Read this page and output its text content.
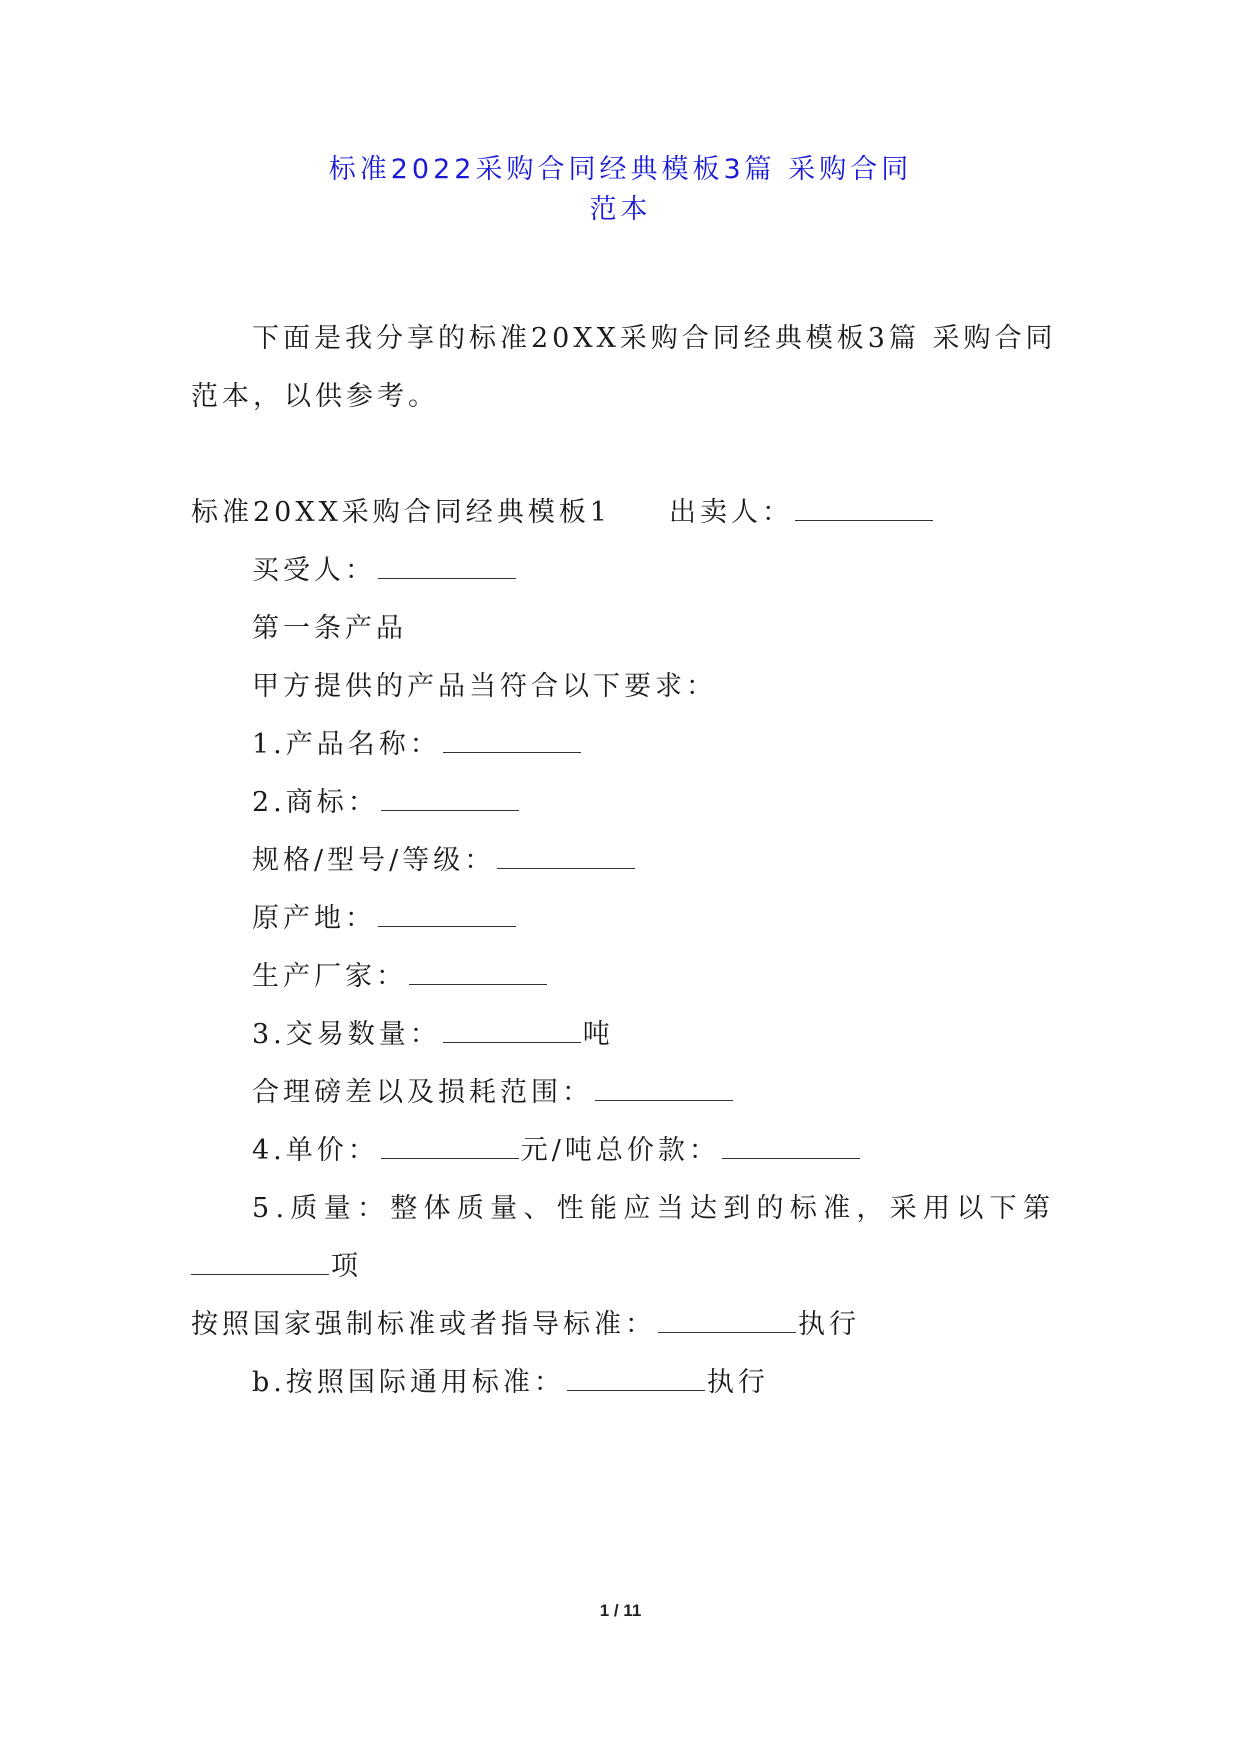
标准2022采购合同经典模板3篇 采购合同
范本

下面是我分享的标准20XX采购合同经典模板3篇 采购合同

范本，以供参考。

标准20XX采购合同经典模板1 出卖人：

买受人：

第一条产品

甲方提供的产品当符合以下要求：

1.产品名称：

2.商标：

规格/型号/等级：

原产地：

生产厂家：

3.交易数量：	吨

合理磅差以及损耗范围：

4.单价：	元/吨总价款：

5.质量：整体质量、性能应当达到的标准，采用以下第

项

按照国家强制标准或者指导标准：	执行

b.按照国际通用标准：	执行

1 / 11
